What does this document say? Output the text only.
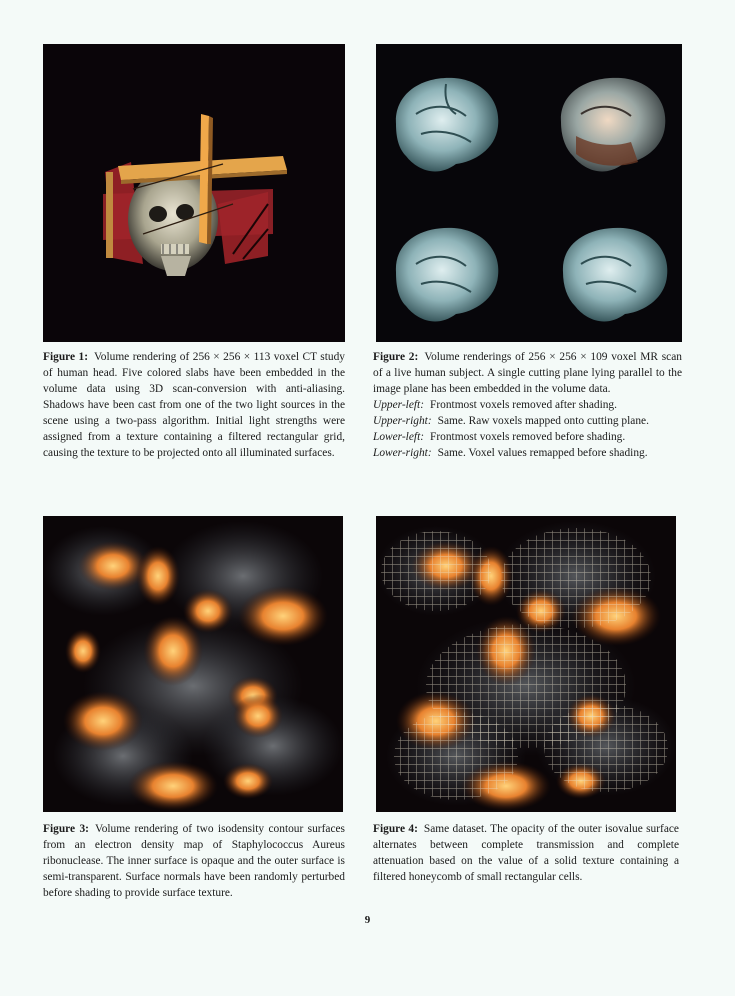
Figure 1: Volume rendering of 256 × 256 × 113 voxel CT study of human head. Five colored slabs have been embedded in the volume data using 3D scan-conversion with anti-aliasing. Shadows have been cast from one of the two light sources in the scene using a two-pass algorithm. Initial light strengths were assigned from a texture containing a filtered rectangular grid, causing the texture to be projected onto all illuminated surfaces.

Figure 2: Volume renderings of 256 × 256 × 109 voxel MR scan of a live human subject. A single cutting plane lying parallel to the image plane has been embedded in the volume data.

Upper-left: Frontmost voxels removed after shading.
Upper-right: Same. Raw voxels mapped onto cutting plane.
Lower-left: Frontmost voxels removed before shading.
Lower-right: Same. Voxel values remapped before shading.

Figure 3: Volume rendering of two isodensity contour surfaces from an electron density map of Staphylococcus Aureus ribonuclease. The inner surface is opaque and the outer surface is semi-transparent. Surface normals have been randomly perturbed before shading to provide surface texture.

Figure 4: Same dataset. The opacity of the outer isovalue surface alternates between complete transmission and complete attenuation based on the value of a solid texture containing a filtered honeycomb of small rectangular cells.

9
